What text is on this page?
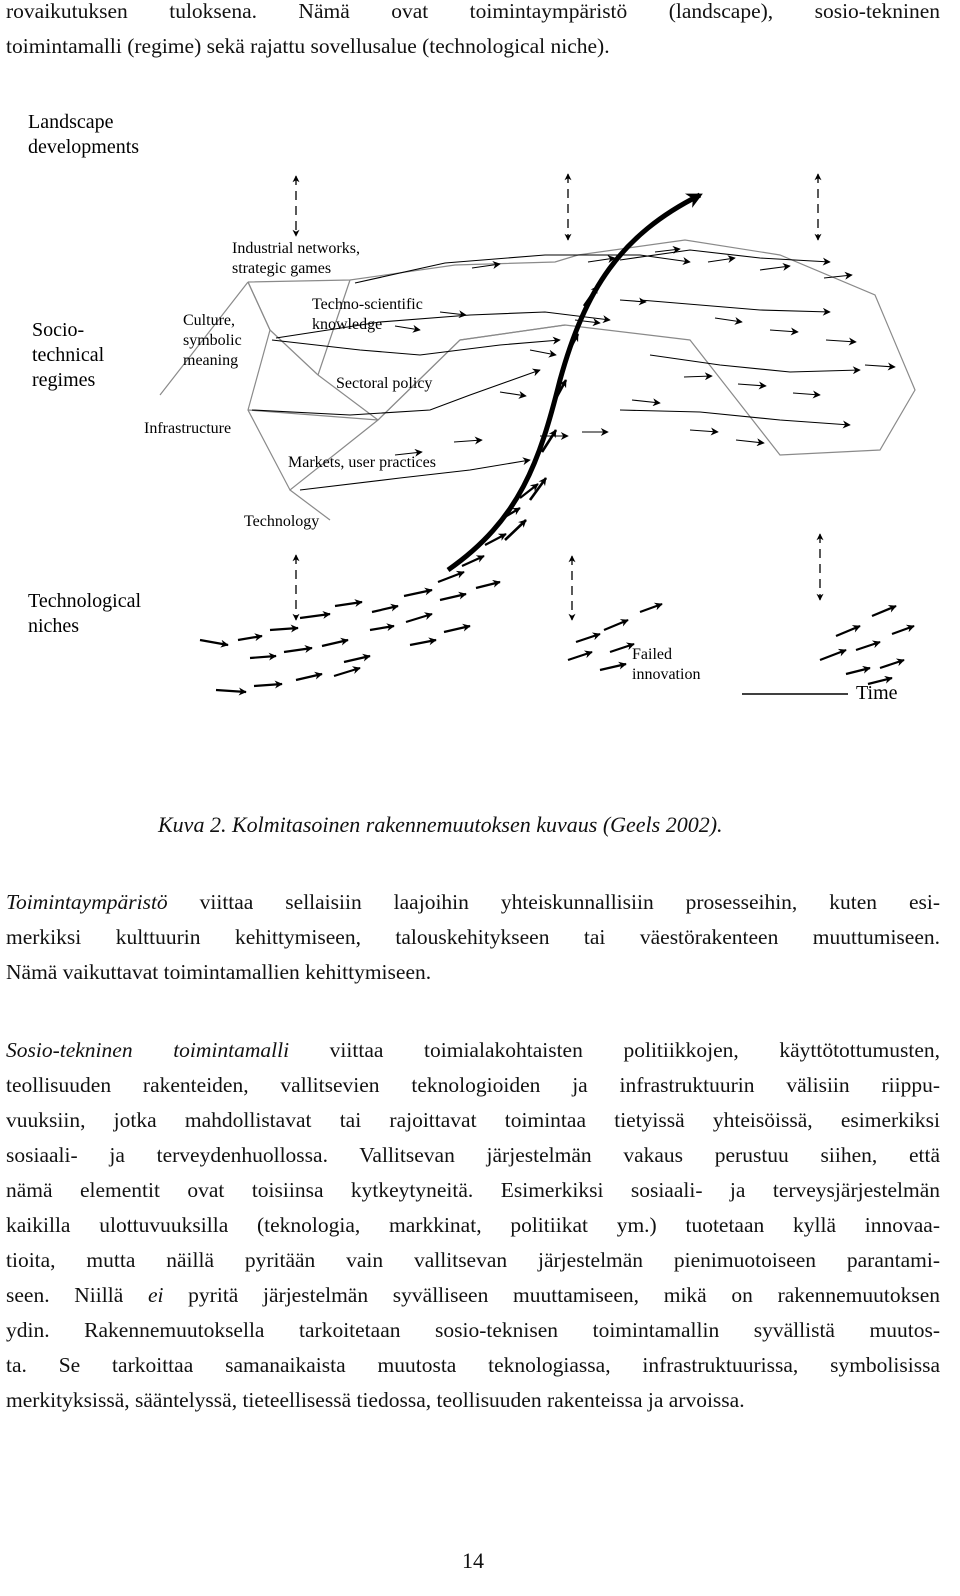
rovaikutuksen tuloksena. Nämä ovat toimintaympäristö (landscape), sosio-tekninen
toimintamalli (regime) sekä rajattu sovellusalue (technological niche).

Landscape
developments
Socio-
technical
regimes
Technological
niches
Industrial networks,
strategic games
Techno-scientific
knowledge
Culture,
symbolic
meaning
Sectoral policy
Infrastructure
Markets, user practices
Technology
Failed
innovation
Time

Kuva 2. Kolmitasoinen rakennemuutoksen kuvaus (Geels 2002).

Toimintaympäristö viittaa sellaisiin laajoihin yhteiskunnallisiin prosesseihin, kuten esi-
merkiksi kulttuurin kehittymiseen, talouskehitykseen tai väestörakenteen muuttumiseen.
Nämä vaikuttavat toimintamallien kehittymiseen.

Sosio-tekninen toimintamalli viittaa toimialakohtaisten politiikkojen, käyttötottumusten,
teollisuuden rakenteiden, vallitsevien teknologioiden ja infrastruktuurin välisiin riippu-
vuuksiin, jotka mahdollistavat tai rajoittavat toimintaa tietyissä yhteisöissä, esimerkiksi
sosiaali- ja terveydenhuollossa. Vallitsevan järjestelmän vakaus perustuu siihen, että
nämä elementit ovat toisiinsa kytkeytyneitä. Esimerkiksi sosiaali- ja terveysjärjestelmän
kaikilla ulottuvuuksilla (teknologia, markkinat, politiikat ym.) tuotetaan kyllä innovaa-
tioita, mutta näillä pyritään vain vallitsevan järjestelmän pienimuotoiseen parantami-
seen. Niillä ei pyritä järjestelmän syvälliseen muuttamiseen, mikä on rakennemuutoksen
ydin. Rakennemuutoksella tarkoitetaan sosio-teknisen toimintamallin syvällistä muutos-
ta. Se tarkoittaa samanaikaista muutosta teknologiassa, infrastruktuurissa, symbolisissa
merkityksissä, sääntelyssä, tieteellisessä tiedossa, teollisuuden rakenteissa ja arvoissa.

14
